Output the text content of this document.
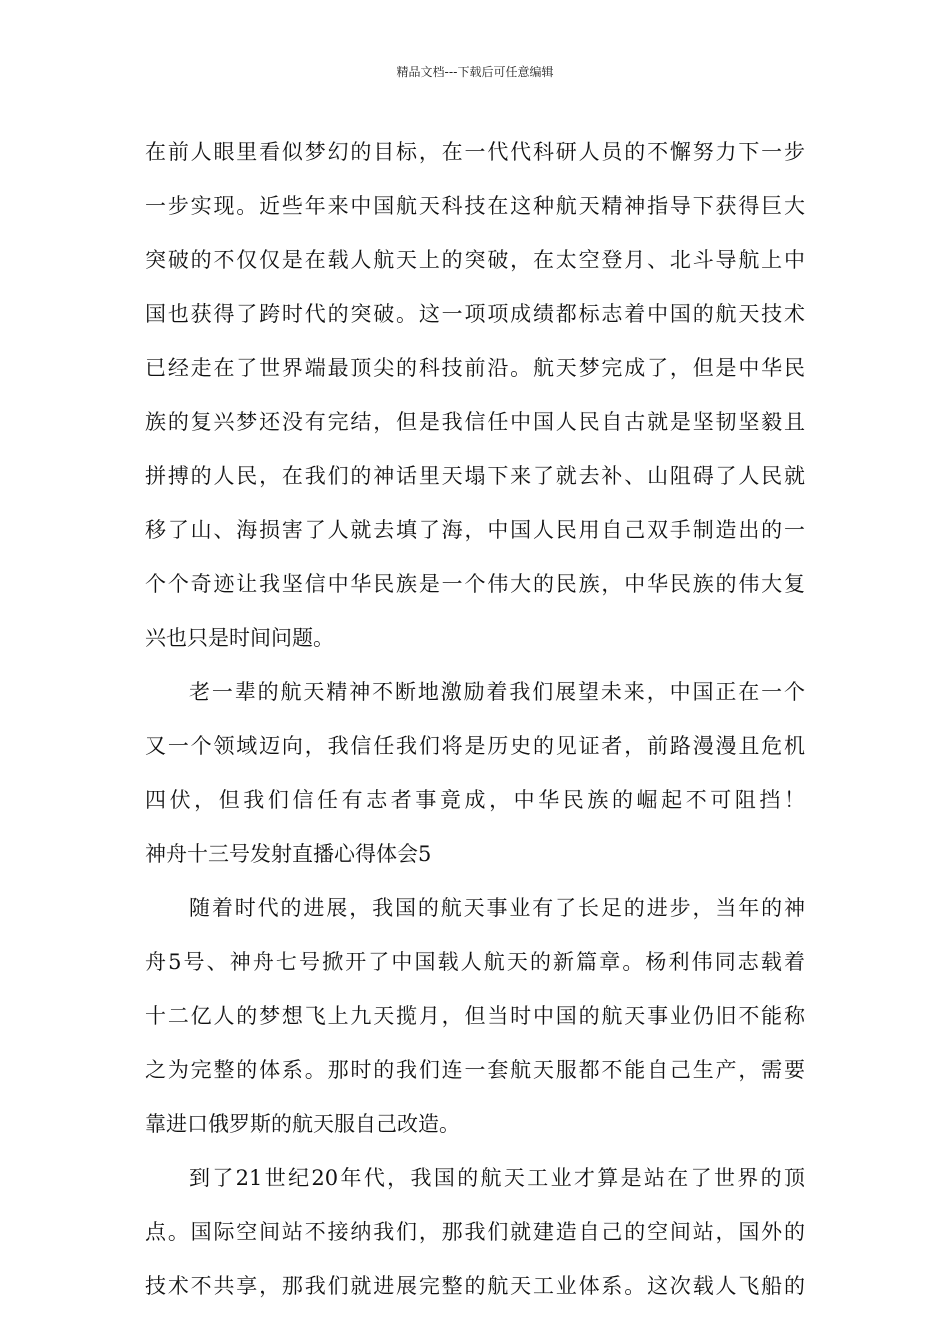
精品文档---下载后可任意编辑
在前人眼里看似梦幻的目标，在一代代科研人员的不懈努力下一步
一步实现。近些年来中国航天科技在这种航天精神指导下获得巨大
突破的不仅仅是在载人航天上的突破，在太空登月、北斗导航上中
国也获得了跨时代的突破。这一项项成绩都标志着中国的航天技术
已经走在了世界端最顶尖的科技前沿。航天梦完成了，但是中华民
族的复兴梦还没有完结，但是我信任中国人民自古就是坚韧坚毅且
拼搏的人民，在我们的神话里天塌下来了就去补、山阻碍了人民就
移了山、海损害了人就去填了海，中国人民用自己双手制造出的一
个个奇迹让我坚信中华民族是一个伟大的民族，中华民族的伟大复
兴也只是时间问题。
老一辈的航天精神不断地激励着我们展望未来，中国正在一个
又一个领域迈向，我信任我们将是历史的见证者，前路漫漫且危机
四伏，但我们信任有志者事竟成，中华民族的崛起不可阻挡！
神舟十三号发射直播心得体会5
随着时代的进展，我国的航天事业有了长足的进步，当年的神
舟5号、神舟七号掀开了中国载人航天的新篇章。杨利伟同志载着
十二亿人的梦想飞上九天揽月，但当时中国的航天事业仍旧不能称
之为完整的体系。那时的我们连一套航天服都不能自己生产，需要
靠进口俄罗斯的航天服自己改造。
到了21世纪20年代，我国的航天工业才算是站在了世界的顶
点。国际空间站不接纳我们，那我们就建造自己的空间站，国外的
技术不共享，那我们就进展完整的航天工业体系。这次载人飞船的
